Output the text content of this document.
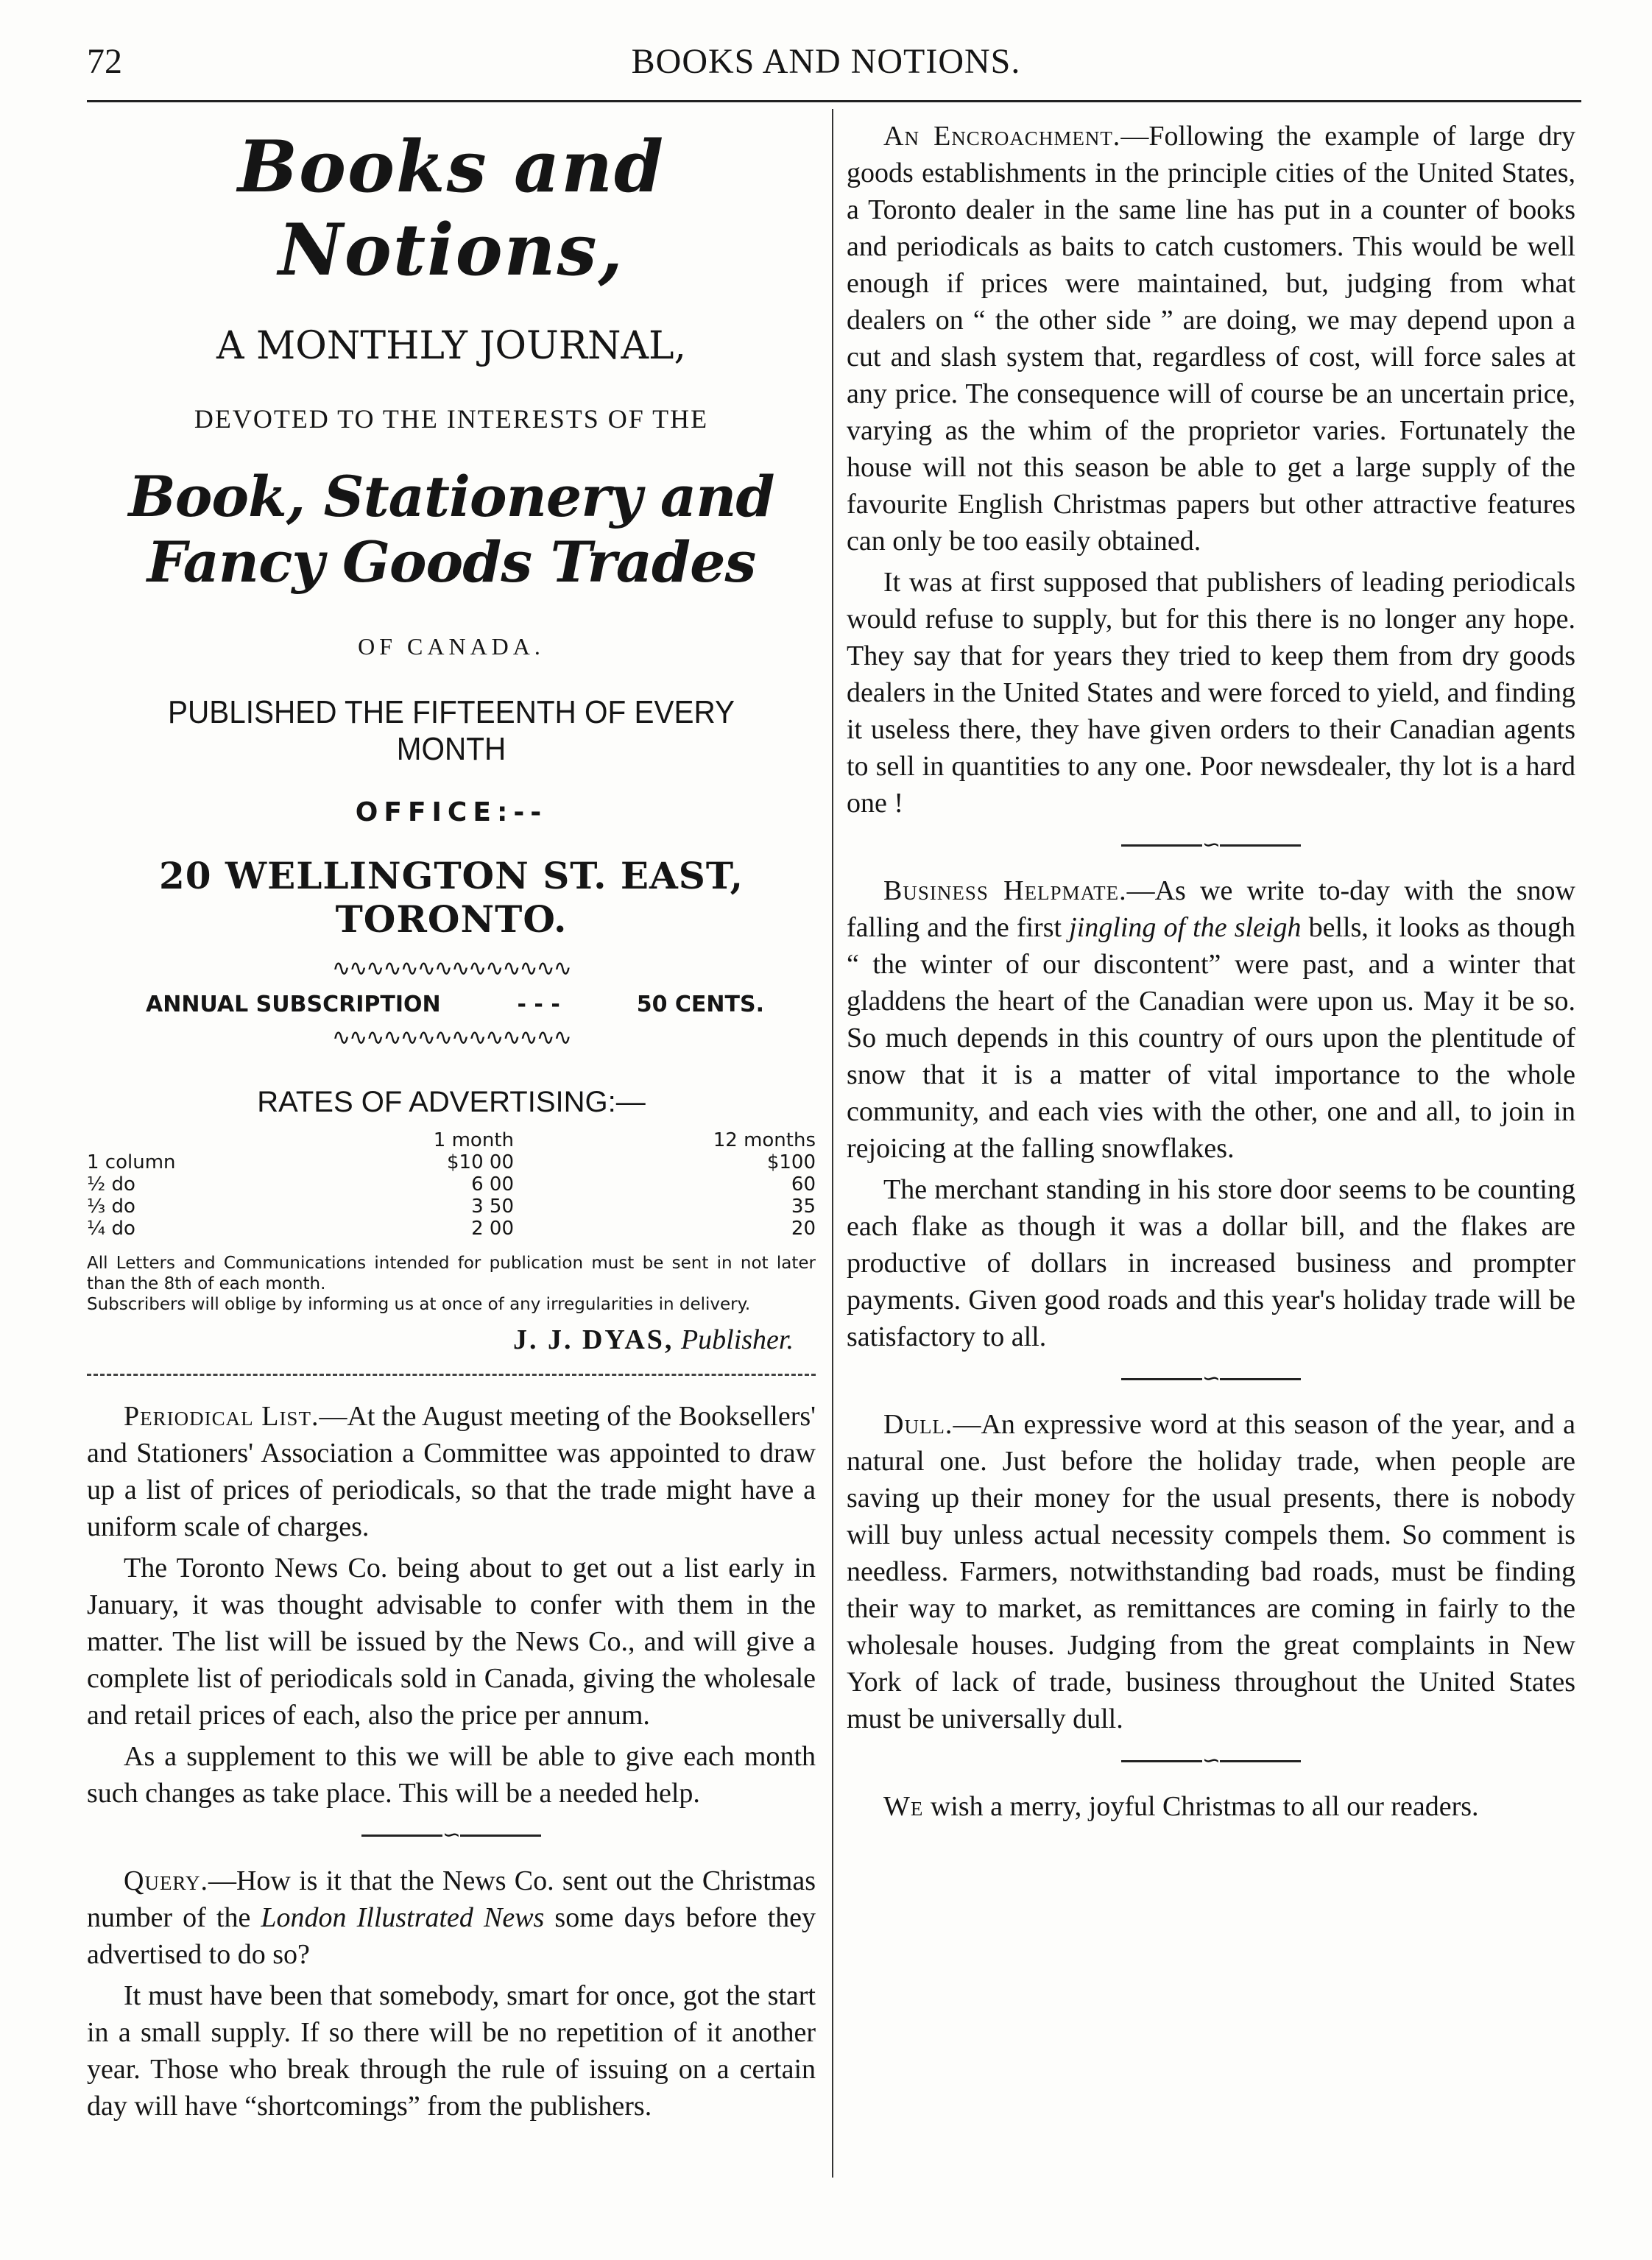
72	BOOKS AND NOTIONS.
Books and Notions,
A MONTHLY JOURNAL,
DEVOTED TO THE INTERESTS OF THE
Book, Stationery and Fancy Goods Trades
OF CANADA.
PUBLISHED THE FIFTEENTH OF EVERY MONTH
OFFICE:--
20 WELLINGTON ST. EAST, TORONTO.
∿∿∿∿∿∿∿∿∿∿∿∿∿∿
ANNUAL SUBSCRIPTION	- - -	50 CENTS.
∿∿∿∿∿∿∿∿∿∿∿∿∿∿
RATES OF ADVERTISING:—
	1 month	12 months
1 column	$10 00	$100
½ do	6 00	60
⅓ do	3 50	35
¼ do	2 00	20
All Letters and Communications intended for publication must be sent in not later than the 8th of each month.
Subscribers will oblige by informing us at once of any irregularities in delivery.
J. J. DYAS, Publisher.

Periodical List.—At the August meeting of the Booksellers' and Stationers' Association a Committee was appointed to draw up a list of prices of periodicals, so that the trade might have a uniform scale of charges.

The Toronto News Co. being about to get out a list early in January, it was thought advisable to confer with them in the matter. The list will be issued by the News Co., and will give a complete list of periodicals sold in Canada, giving the wholesale and retail prices of each, also the price per annum.

As a supplement to this we will be able to give each month such changes as take place. This will be a needed help.

∽

Query.—How is it that the News Co. sent out the Christmas number of the London Illustrated News some days before they advertised to do so?

It must have been that somebody, smart for once, got the start in a small supply. If so there will be no repetition of it another year. Those who break through the rule of issuing on a certain day will have “shortcomings” from the publishers.

An Encroachment.—Following the example of large dry goods establishments in the principle cities of the United States, a Toronto dealer in the same line has put in a counter of books and periodicals as baits to catch customers. This would be well enough if prices were maintained, but, judging from what dealers on “ the other side ” are doing, we may depend upon a cut and slash system that, regardless of cost, will force sales at any price. The consequence will of course be an uncertain price, varying as the whim of the proprietor varies. Fortunately the house will not this season be able to get a large supply of the favourite English Christmas papers but other attractive features can only be too easily obtained.

It was at first supposed that publishers of leading periodicals would refuse to supply, but for this there is no longer any hope. They say that for years they tried to keep them from dry goods dealers in the United States and were forced to yield, and finding it useless there, they have given orders to their Canadian agents to sell in quantities to any one. Poor newsdealer, thy lot is a hard one !

∽

Business Helpmate.—As we write to-day with the snow falling and the first jingling of the sleigh bells, it looks as though “ the winter of our discontent” were past, and a winter that gladdens the heart of the Canadian were upon us. May it be so. So much depends in this country of ours upon the plentitude of snow that it is a matter of vital importance to the whole community, and each vies with the other, one and all, to join in rejoicing at the falling snowflakes.

The merchant standing in his store door seems to be counting each flake as though it was a dollar bill, and the flakes are productive of dollars in increased business and prompter payments. Given good roads and this year's holiday trade will be satisfactory to all.

∽

Dull.—An expressive word at this season of the year, and a natural one. Just before the holiday trade, when people are saving up their money for the usual presents, there is nobody will buy unless actual necessity compels them. So comment is needless. Farmers, notwithstanding bad roads, must be finding their way to market, as remittances are coming in fairly to the wholesale houses. Judging from the great complaints in New York of lack of trade, business throughout the United States must be universally dull.

∽

We wish a merry, joyful Christmas to all our readers.
